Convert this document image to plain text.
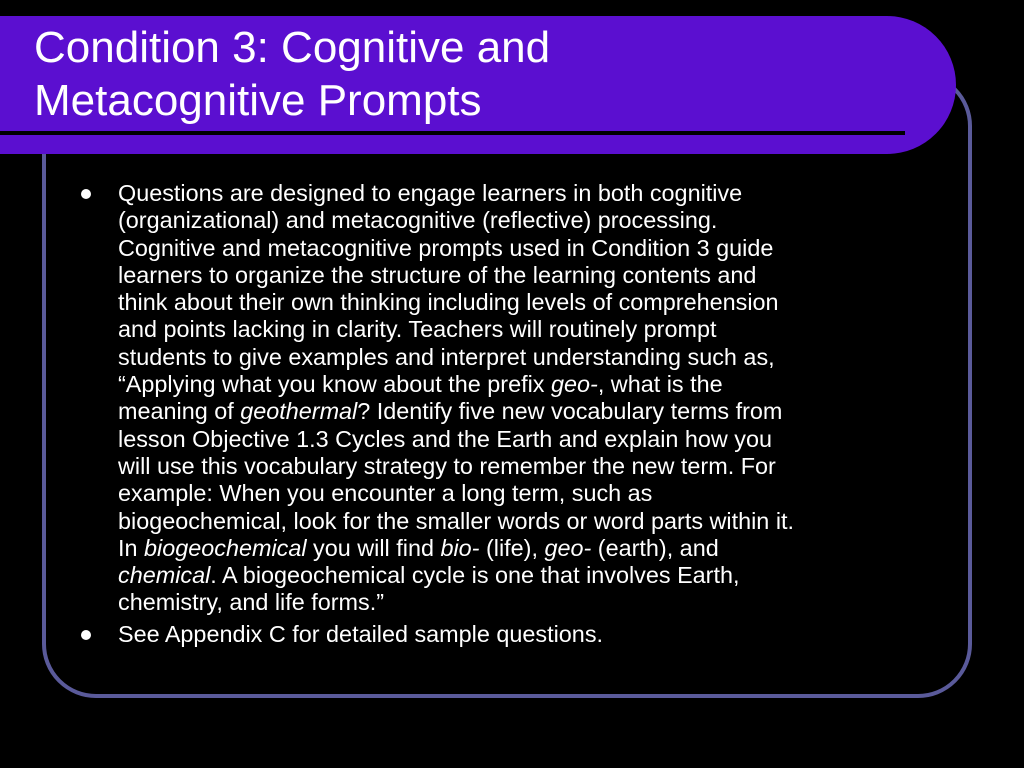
Condition 3: Cognitive and
Metacognitive Prompts
Questions are designed to engage learners in both cognitive
(organizational) and metacognitive (reflective) processing.
Cognitive and metacognitive prompts used in Condition 3 guide
learners to organize the structure of the learning contents and
think about their own thinking including levels of comprehension
and points lacking in clarity. Teachers will routinely prompt
students to give examples and interpret understanding such as,
“Applying what you know about the prefix geo-, what is the
meaning of geothermal? Identify five new vocabulary terms from
lesson Objective 1.3 Cycles and the Earth and explain how you
will use this vocabulary strategy to remember the new term. For
example: When you encounter a long term, such as
biogeochemical, look for the smaller words or word parts within it.
In biogeochemical you will find bio- (life), geo- (earth), and
chemical. A biogeochemical cycle is one that involves Earth,
chemistry, and life forms.”
See Appendix C for detailed sample questions.
